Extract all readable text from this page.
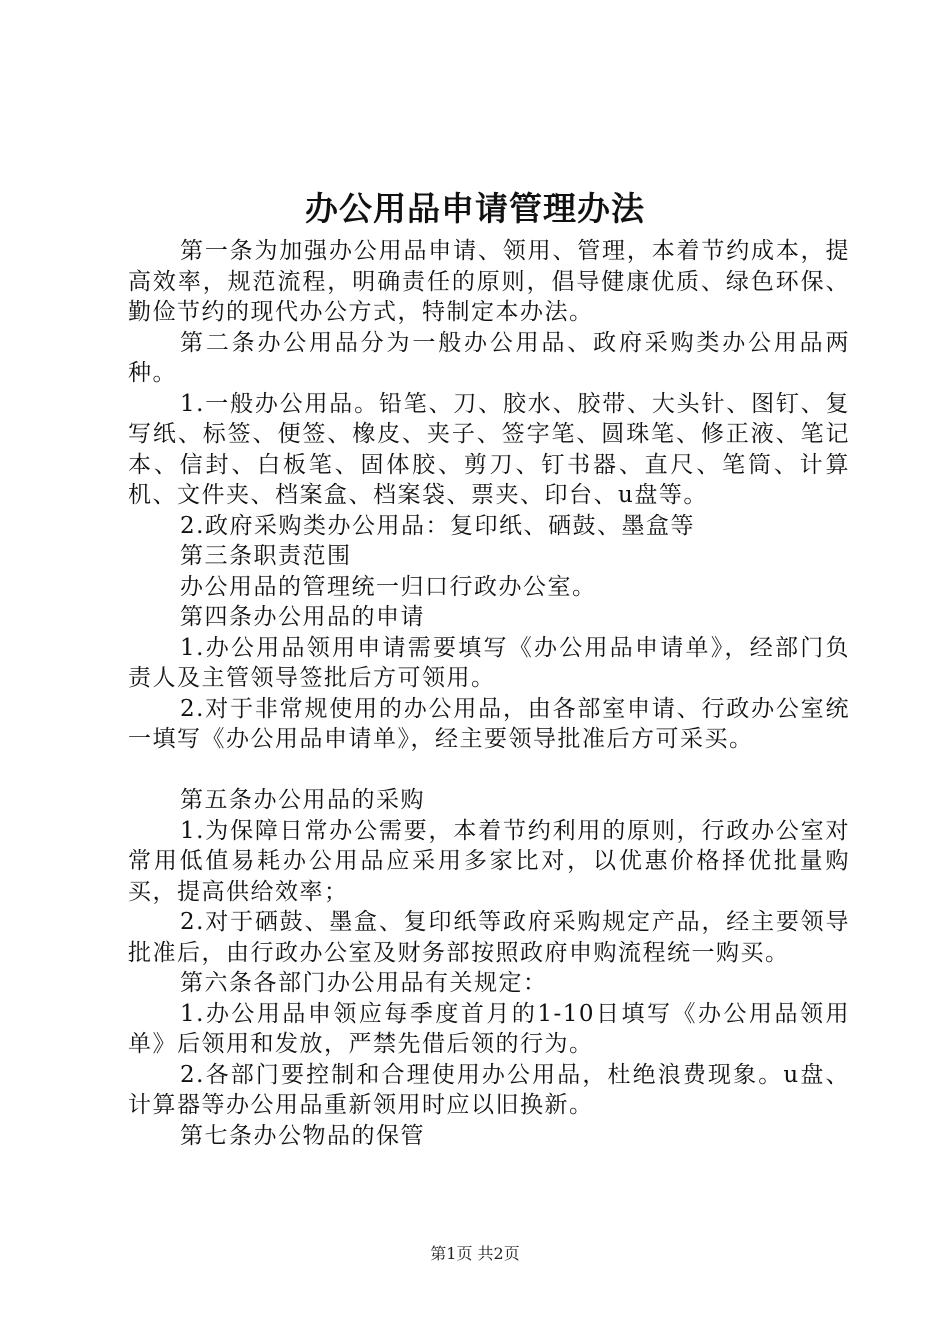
办公用品申请管理办法

第一条为加强办公用品申请、领用、管理，本着节约成本，提高效率，规范流程，明确责任的原则，倡导健康优质、绿色环保、勤俭节约的现代办公方式，特制定本办法。

第二条办公用品分为一般办公用品、政府采购类办公用品两种。

1.一般办公用品。铅笔、刀、胶水、胶带、大头针、图钉、复写纸、标签、便签、橡皮、夹子、签字笔、圆珠笔、修正液、笔记本、信封、白板笔、固体胶、剪刀、钉书器、直尺、笔筒、计算机、文件夹、档案盒、档案袋、票夹、印台、u盘等。

2.政府采购类办公用品：复印纸、硒鼓、墨盒等

第三条职责范围

办公用品的管理统一归口行政办公室。

第四条办公用品的申请

1.办公用品领用申请需要填写《办公用品申请单》，经部门负责人及主管领导签批后方可领用。

2.对于非常规使用的办公用品，由各部室申请、行政办公室统一填写《办公用品申请单》，经主要领导批准后方可采买。

第五条办公用品的采购

1.为保障日常办公需要，本着节约利用的原则，行政办公室对常用低值易耗办公用品应采用多家比对，以优惠价格择优批量购买，提高供给效率；

2.对于硒鼓、墨盒、复印纸等政府采购规定产品，经主要领导批准后，由行政办公室及财务部按照政府申购流程统一购买。

第六条各部门办公用品有关规定：

1.办公用品申领应每季度首月的1-10日填写《办公用品领用单》后领用和发放，严禁先借后领的行为。

2.各部门要控制和合理使用办公用品，杜绝浪费现象。u盘、计算器等办公用品重新领用时应以旧换新。

第七条办公物品的保管

第1页 共2页
